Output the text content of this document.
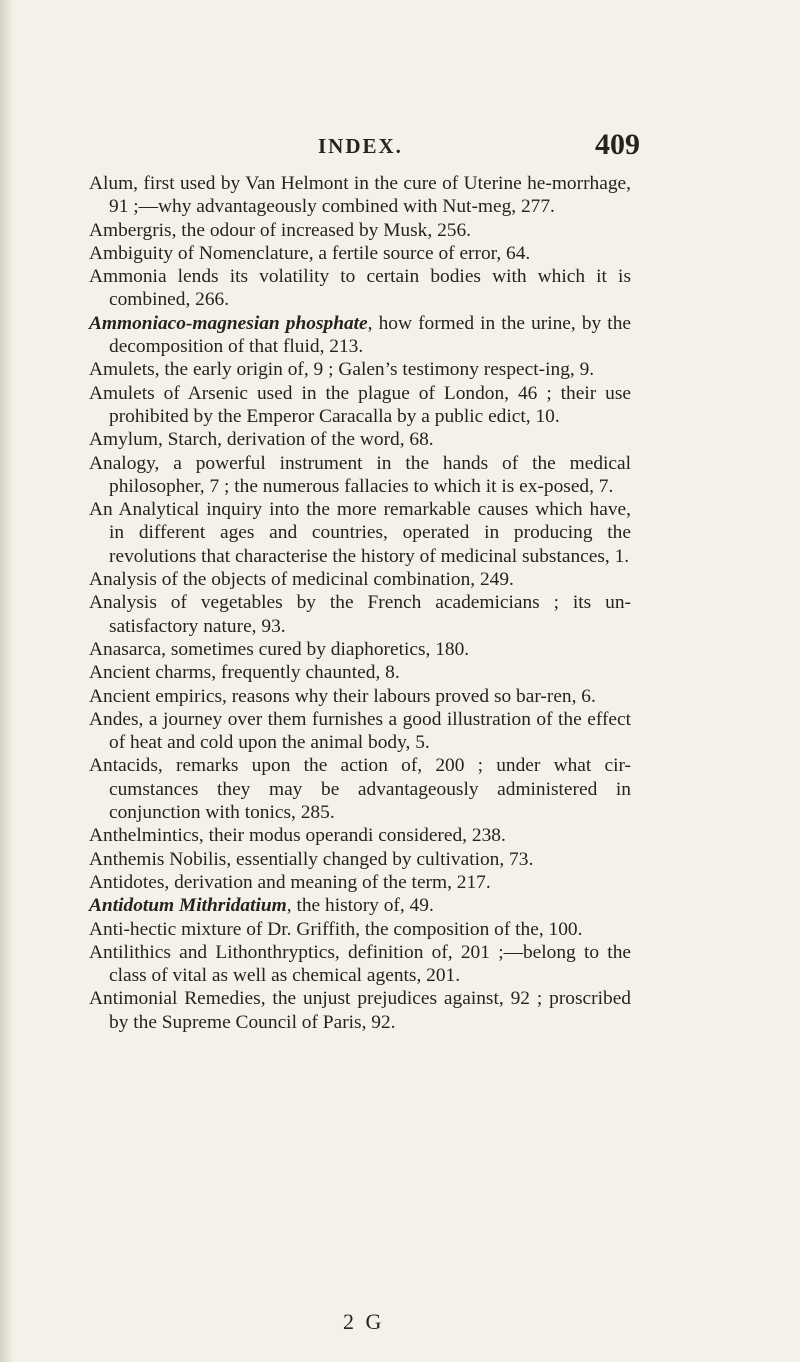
INDEX.	409

Alum, first used by Van Helmont in the cure of Uterine he-morrhage, 91 ;—why advantageously combined with Nut-meg, 277.

Ambergris, the odour of increased by Musk, 256.

Ambiguity of Nomenclature, a fertile source of error, 64.

Ammonia lends its volatility to certain bodies with which it is combined, 266.

Ammoniaco-magnesian phosphate, how formed in the urine, by the decomposition of that fluid, 213.

Amulets, the early origin of, 9 ; Galen’s testimony respect-ing, 9.

Amulets of Arsenic used in the plague of London, 46 ; their use prohibited by the Emperor Caracalla by a public edict, 10.

Amylum, Starch, derivation of the word, 68.

Analogy, a powerful instrument in the hands of the medical philosopher, 7 ; the numerous fallacies to which it is ex-posed, 7.

An Analytical inquiry into the more remarkable causes which have, in different ages and countries, operated in producing the revolutions that characterise the history of medicinal substances, 1.

Analysis of the objects of medicinal combination, 249.

Analysis of vegetables by the French academicians ; its un-satisfactory nature, 93.

Anasarca, sometimes cured by diaphoretics, 180.

Ancient charms, frequently chaunted, 8.

Ancient empirics, reasons why their labours proved so bar-ren, 6.

Andes, a journey over them furnishes a good illustration of the effect of heat and cold upon the animal body, 5.

Antacids, remarks upon the action of, 200 ; under what cir-cumstances they may be advantageously administered in conjunction with tonics, 285.

Anthelmintics, their modus operandi considered, 238.

Anthemis Nobilis, essentially changed by cultivation, 73.

Antidotes, derivation and meaning of the term, 217.

Antidotum Mithridatium, the history of, 49.

Anti-hectic mixture of Dr. Griffith, the composition of the, 100.

Antilithics and Lithonthryptics, definition of, 201 ;—belong to the class of vital as well as chemical agents, 201.

Antimonial Remedies, the unjust prejudices against, 92 ; proscribed by the Supreme Council of Paris, 92.

2 G
